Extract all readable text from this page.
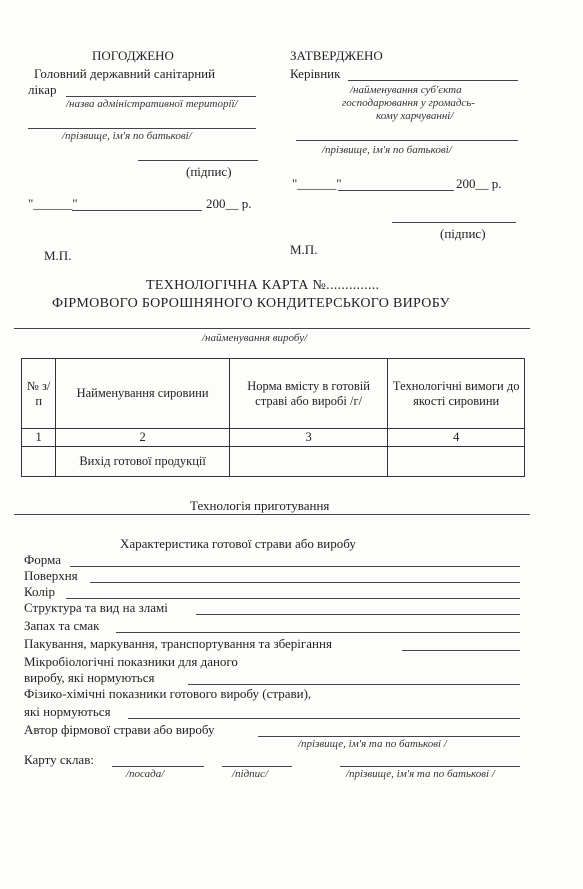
ПОГОДЖЕНО
Головний державний санітарний
лікар
/назва адміністративної території/
/прізвище, ім'я по батькові/
(підпис)
"______"	200__ р.
М.П.
ЗАТВЕРДЖЕНО
Керівник
/найменування суб'єкта
господарювання у громадсь-
кому харчуванні/
/прізвище, ім'я по батькові/
"______"	200__ р.
(підпис)
М.П.
ТЕХНОЛОГІЧНА КАРТА №..............
ФІРМОВОГО БОРОШНЯНОГО КОНДИТЕРСЬКОГО ВИРОБУ
/найменування виробу/
№ з/п	Найменування сировини	Норма вмісту в готовій страві або виробі /г/	Технологічні вимоги до якості сировини
1	2	3	4
	Вихід готової продукції		
Технологія приготування
Характеристика готової страви або виробу
Форма
Поверхня
Колір
Структура та вид на зламі
Запах та смак
Пакування, маркування, транспортування та зберігання
Мікробіологічні показники для даного
виробу, які нормуються
Фізико-хімічні показники готового виробу (страви),
які нормуються
Автор фірмової страви або виробу
/прізвище, ім'я та по батькові /
Карту склав:
/посада/	/підпис/	/прізвище, ім'я та по батькові /
